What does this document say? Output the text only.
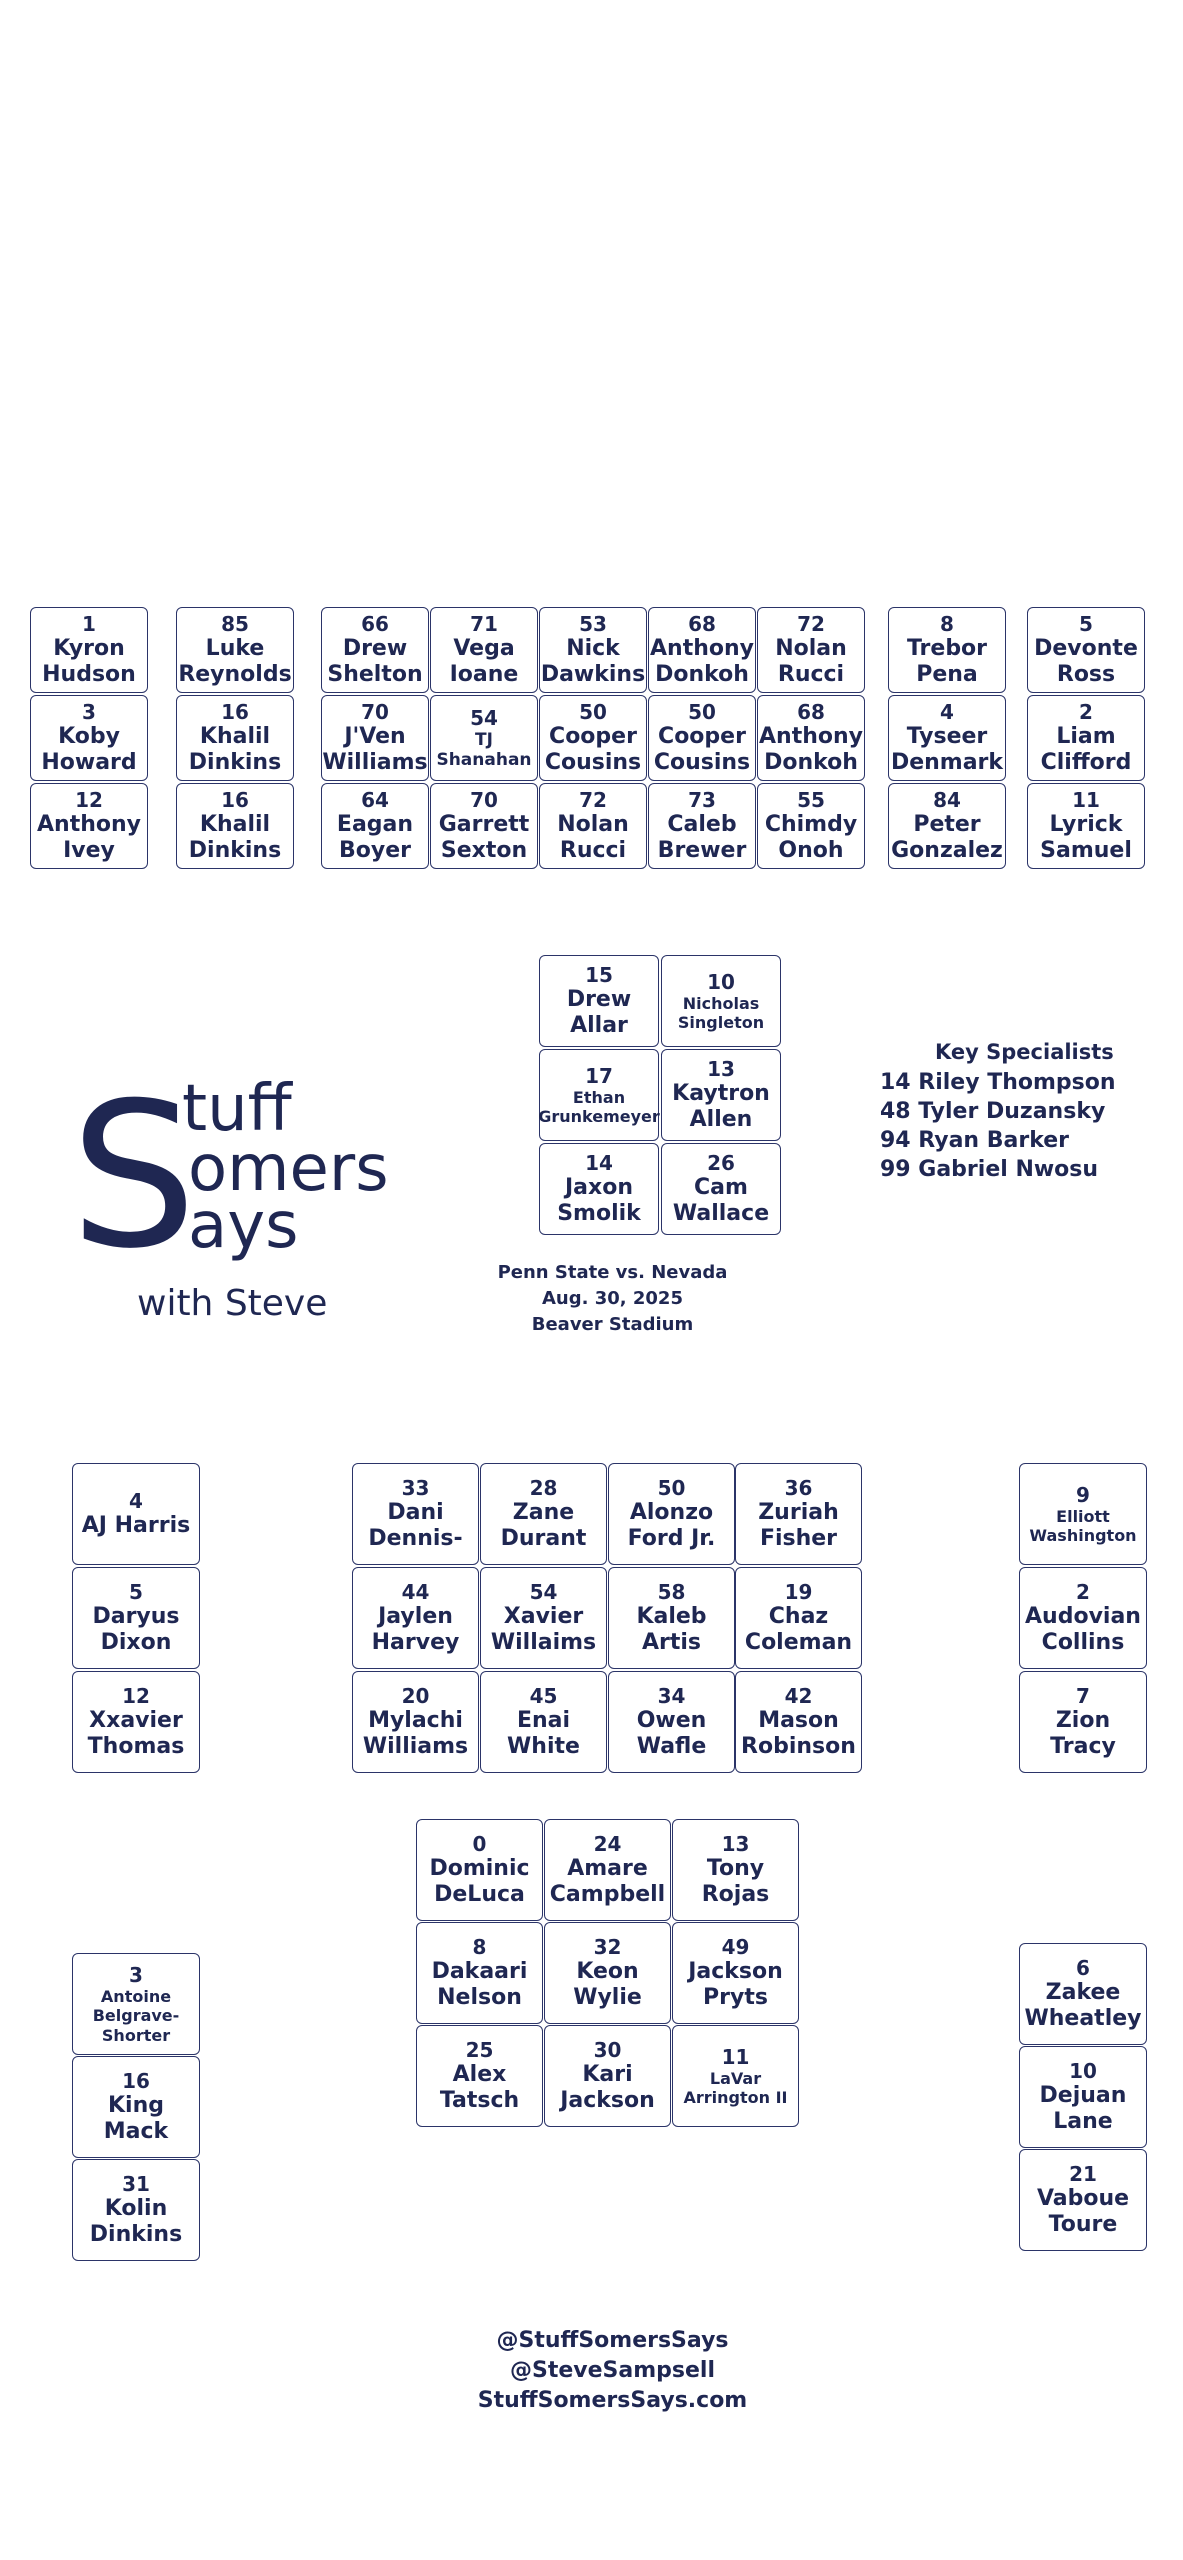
1
Kyron Hudson
3
Koby Howard
12
Anthony Ivey
85
Luke Reynolds
16
Khalil Dinkins
16
Khalil Dinkins
66
Drew Shelton
70
J'Ven Williams
64
Eagan Boyer
71
Vega Ioane
54
TJ Shanahan
70
Garrett Sexton
53
Nick Dawkins
50
Cooper Cousins
72
Nolan Rucci
68
Anthony Donkoh
50
Cooper Cousins
73
Caleb Brewer
72
Nolan Rucci
68
Anthony Donkoh
55
Chimdy Onoh
8
Trebor Pena
4
Tyseer Denmark
84
Peter Gonzalez
5
Devonte Ross
2
Liam Clifford
11
Lyrick Samuel
15
Drew Allar
17
Ethan Grunkemeyer
14
Jaxon Smolik
10
Nicholas Singleton
13
Kaytron Allen
26
Cam Wallace
4
AJ Harris
5
Daryus Dixon
12
Xxavier Thomas
33
Dani Dennis-
44
Jaylen Harvey
20
Mylachi Williams
28
Zane Durant
54
Xavier Willaims
45
Enai White
50
Alonzo Ford Jr.
58
Kaleb Artis
34
Owen Wafle
36
Zuriah Fisher
19
Chaz Coleman
42
Mason Robinson
9
Elliott Washington
2
Audovian Collins
7
Zion Tracy
0
Dominic DeLuca
8
Dakaari Nelson
25
Alex Tatsch
24
Amare Campbell
32
Keon Wylie
30
Kari Jackson
13
Tony Rojas
49
Jackson Pryts
11
LaVar Arrington II
3
Antoine Belgrave-Shorter
16
King Mack
31
Kolin Dinkins
6
Zakee Wheatley
10
Dejuan Lane
21
Vaboue Toure
S
tuff
omers
ays
with Steve
Key Specialists
14 Riley Thompson
48 Tyler Duzansky
94 Ryan Barker
99 Gabriel Nwosu
Penn State vs. Nevada
Aug. 30, 2025
Beaver Stadium
@StuffSomersSays
@SteveSampsell
StuffSomersSays.com
